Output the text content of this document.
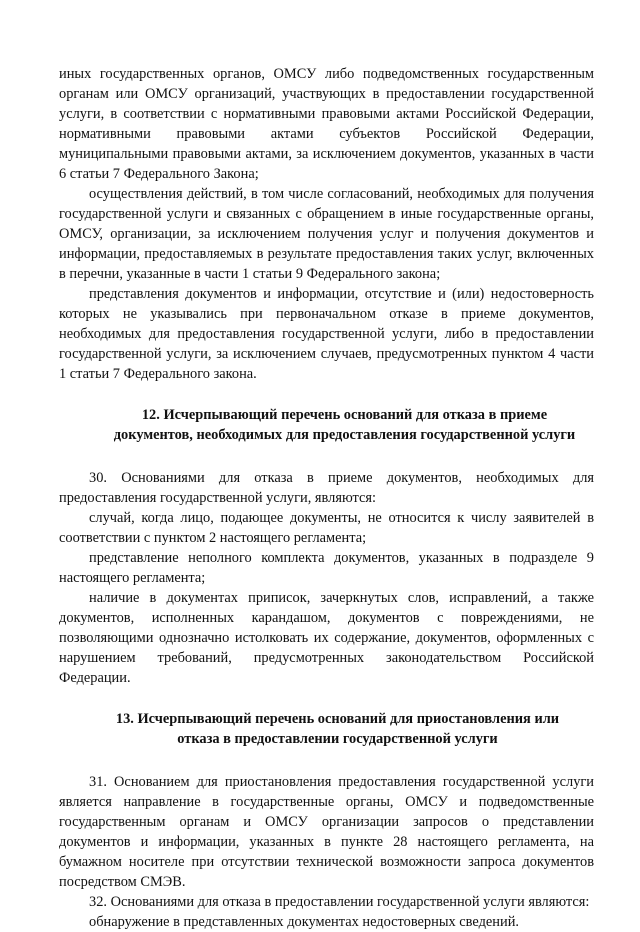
иных государственных органов, ОМСУ либо подведомственных государственным органам или ОМСУ организаций, участвующих в предоставлении государственной услуги, в соответствии с нормативными правовыми актами Российской Федерации, нормативными правовыми актами субъектов Российской Федерации, муниципальными правовыми актами, за исключением документов, указанных в части 6 статьи 7 Федерального Закона;

осуществления действий, в том числе согласований, необходимых для получения государственной услуги и связанных с обращением в иные государственные органы, ОМСУ, организации, за исключением получения услуг и получения документов и информации, предоставляемых в результате предоставления таких услуг, включенных в перечни, указанные в части 1 статьи 9 Федерального закона;

представления документов и информации, отсутствие и (или) недостоверность которых не указывались при первоначальном отказе в приеме документов, необходимых для предоставления государственной услуги, либо в предоставлении государственной услуги, за исключением случаев, предусмотренных пунктом 4 части 1 статьи 7 Федерального закона.

12. Исчерпывающий перечень оснований для отказа в приеме
документов, необходимых для предоставления государственной услуги

30. Основаниями для отказа в приеме документов, необходимых для предоставления государственной услуги, являются:

случай, когда лицо, подающее документы, не относится к числу заявителей в соответствии с пунктом 2 настоящего регламента;

представление неполного комплекта документов, указанных в подразделе 9 настоящего регламента;

наличие в документах приписок, зачеркнутых слов, исправлений, а также документов, исполненных карандашом, документов с повреждениями, не позволяющими однозначно истолковать их содержание, документов, оформленных с нарушением требований, предусмотренных законодательством Российской Федерации.

13. Исчерпывающий перечень оснований для приостановления или
отказа в предоставлении государственной услуги

31. Основанием для приостановления предоставления государственной услуги является направление в государственные органы, ОМСУ и подведомственные государственным органам и ОМСУ организации запросов о представлении документов и информации, указанных в пункте 28 настоящего регламента, на бумажном носителе при отсутствии технической возможности запроса документов посредством СМЭВ.

32. Основаниями для отказа в предоставлении государственной услуги являются:

обнаружение в представленных документах недостоверных сведений.
